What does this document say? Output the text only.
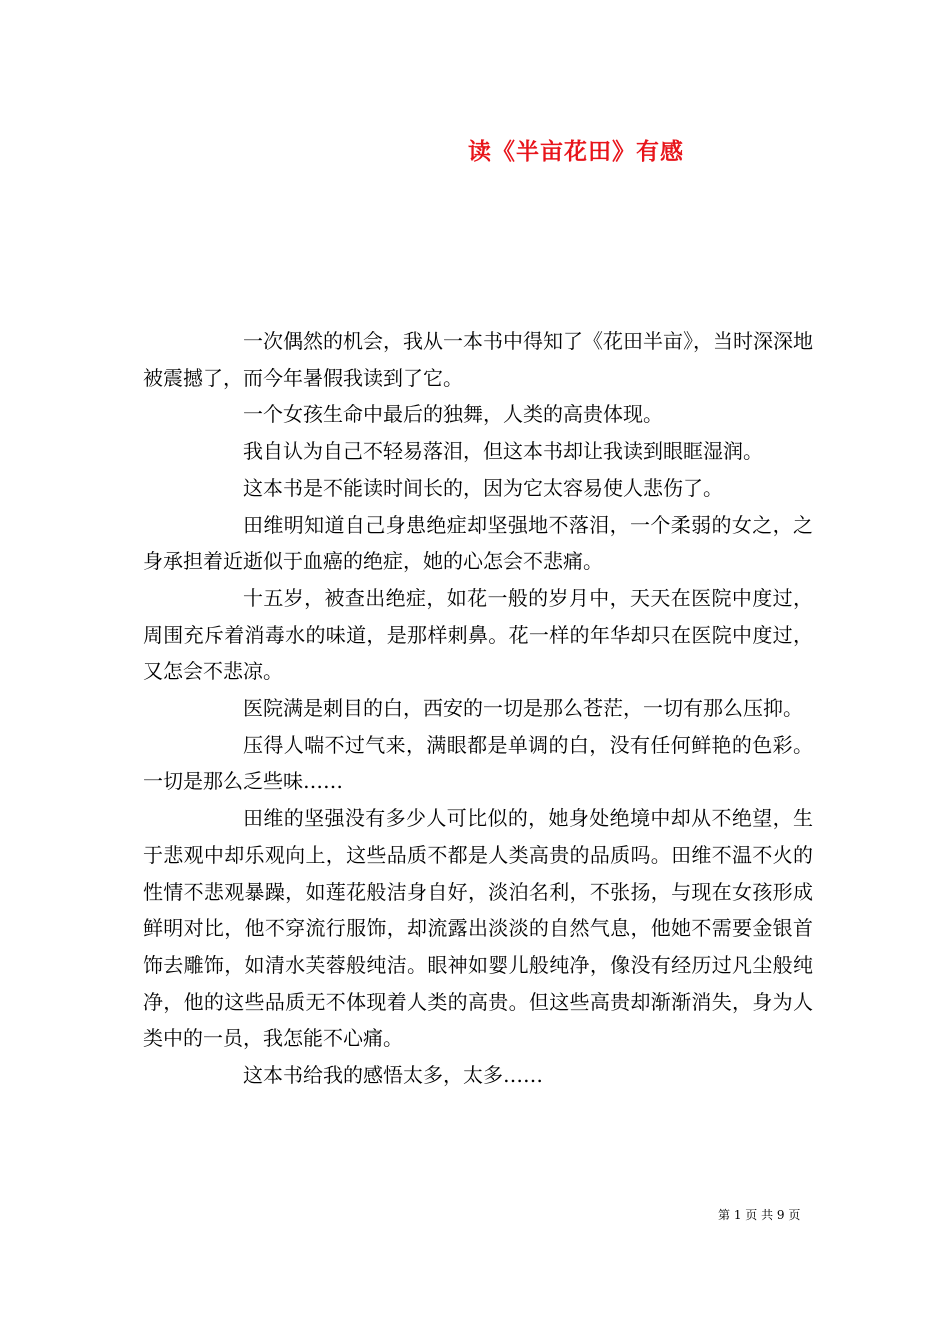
读《半亩花田》有感

一次偶然的机会，我从一本书中得知了《花田半亩》，当时深深地被震撼了，而今年暑假我读到了它。

一个女孩生命中最后的独舞，人类的高贵体现。

我自认为自己不轻易落泪，但这本书却让我读到眼眶湿润。

这本书是不能读时间长的，因为它太容易使人悲伤了。

田维明知道自己身患绝症却坚强地不落泪，一个柔弱的女之，之身承担着近逝似于血癌的绝症，她的心怎会不悲痛。

十五岁，被查出绝症，如花一般的岁月中，天天在医院中度过，周围充斥着消毒水的味道，是那样刺鼻。花一样的年华却只在医院中度过，又怎会不悲凉。

医院满是刺目的白，西安的一切是那么苍茫，一切有那么压抑。

压得人喘不过气来，满眼都是单调的白，没有任何鲜艳的色彩。一切是那么乏些味……

田维的坚强没有多少人可比似的，她身处绝境中却从不绝望，生于悲观中却乐观向上，这些品质不都是人类高贵的品质吗。田维不温不火的性情不悲观暴躁，如莲花般洁身自好，淡泊名利，不张扬，与现在女孩形成鲜明对比，他不穿流行服饰，却流露出淡淡的自然气息，他她不需要金银首饰去雕饰，如清水芙蓉般纯洁。眼神如婴儿般纯净，像没有经历过凡尘般纯净，他的这些品质无不体现着人类的高贵。但这些高贵却渐渐消失，身为人类中的一员，我怎能不心痛。

这本书给我的感悟太多，太多……

第 1 页 共 9 页
